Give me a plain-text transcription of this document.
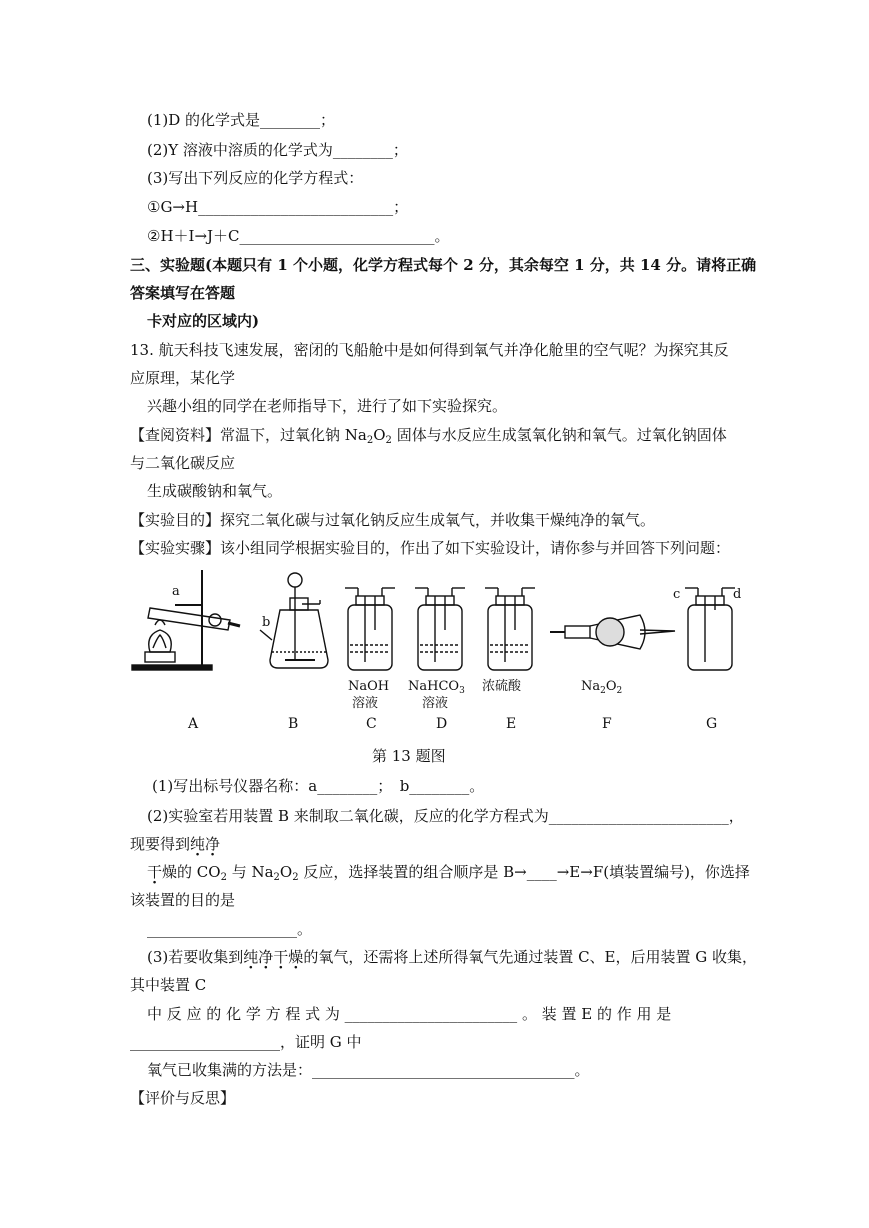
(1)D 的化学式是________；
(2)Y 溶液中溶质的化学式为________；
(3)写出下列反应的化学方程式：
①G→H__________________________；
②H＋I→J＋C__________________________。
三、实验题(本题只有 1 个小题，化学方程式每个 2 分，其余每空 1 分，共 14 分。请将正确
答案填写在答题
卡对应的区域内)
13. 航天科技飞速发展，密闭的飞船舱中是如何得到氧气并净化舱里的空气呢？为探究其反
应原理，某化学
兴趣小组的同学在老师指导下，进行了如下实验探究。
【查阅资料】常温下，过氧化钠 $Na_2O_2$ 固体与水反应生成氢氧化钠和氧气。过氧化钠固体
与二氧化碳反应
生成碳酸钠和氧气。
【实验目的】探究二氧化碳与过氧化钠反应生成氧气，并收集干燥纯净的氧气。
【实验实骤】该小组同学根据实验目的，作出了如下实验设计，请你参与并回答下列问题：
a
b
c	d
NaOH
溶液
NaHCO$_3$
溶液
浓硫酸	$Na_2O_2$
A	B	C	D	E	F	G
第 13 题图
(1)写出标号仪器名称：a________；　b________。
(2)实验室若用装置 B 来制取二氧化碳，反应的化学方程式为________________________，
现要得到纯净
干燥的 $CO_2$ 与 $Na_2O_2$ 反应，选择装置的组合顺序是 B→____→E→F(填装置编号)，你选择
该装置的目的是
____________________。
(3)若要收集到纯净干燥的氧气，还需将上述所得氧气先通过装置 C、E，后用装置 G 收集，
其中装置 C
中 反 应 的 化 学 方 程 式 为 _______________________ 。 装 置 E 的 作 用 是
____________________，证明 G 中
氧气已收集满的方法是：___________________________________。
【评价与反思】
